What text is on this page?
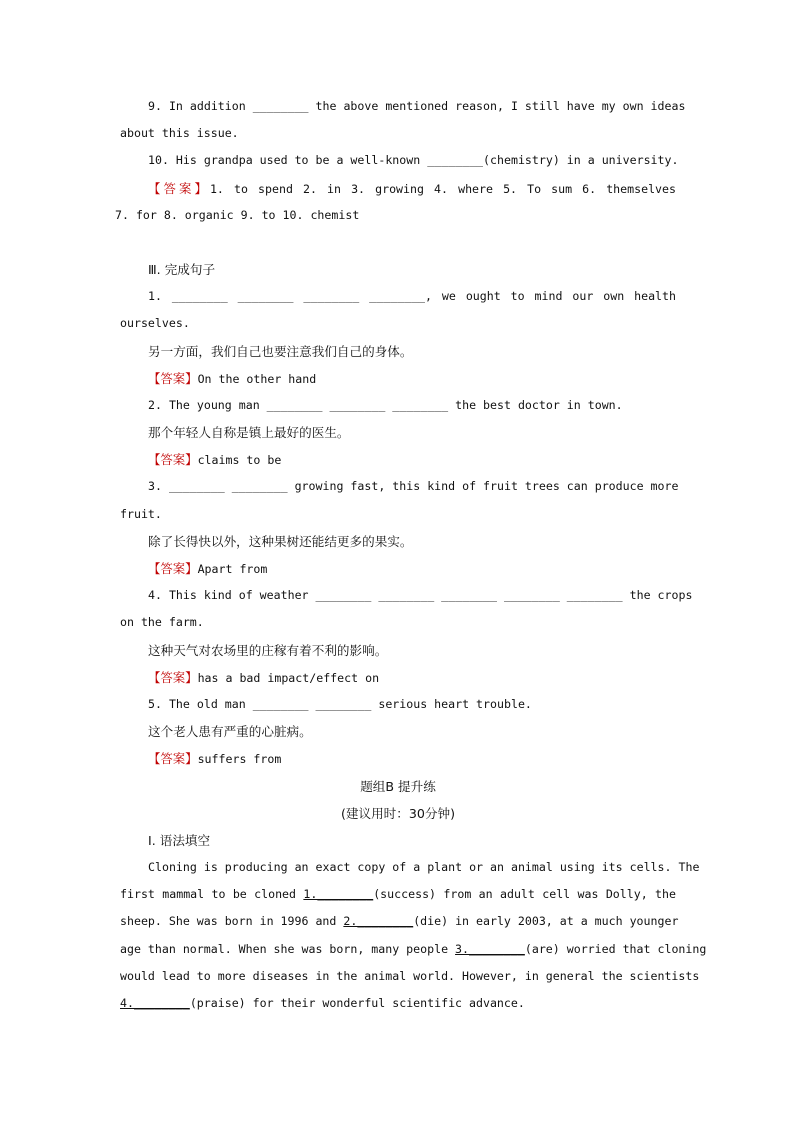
9. In addition ________ the above mentioned reason, I still have my own ideas
about this issue.
10. His grandpa used to be a well-known ________(chemistry) in a university.
【答案】1. to spend 2. in 3. growing 4. where 5. To sum 6. themselves
7. for 8. organic 9. to 10. chemist
Ⅲ. 完成句子
1. ________ ________ ________ ________, we ought to mind our own health
ourselves.
另一方面，我们自己也要注意我们自己的身体。
【答案】On the other hand
2. The young man ________ ________ ________ the best doctor in town.
那个年轻人自称是镇上最好的医生。
【答案】claims to be
3. ________ ________ growing fast, this kind of fruit trees can produce more
fruit.
除了长得快以外，这种果树还能结更多的果实。
【答案】Apart from
4. This kind of weather ________ ________ ________ ________ ________ the crops
on the farm.
这种天气对农场里的庄稼有着不利的影响。
【答案】has a bad impact/effect on
5. The old man ________ ________ serious heart trouble.
这个老人患有严重的心脏病。
【答案】suffers from
题组B 提升练
(建议用时：30分钟)
Ⅰ. 语法填空
Cloning is producing an exact copy of a plant or an animal using its cells. The
first mammal to be cloned 1.________(success) from an adult cell was Dolly, the
sheep. She was born in 1996 and 2.________(die) in early 2003, at a much younger
age than normal. When she was born, many people 3.________(are) worried that cloning
would lead to more diseases in the animal world. However, in general the scientists
4.________(praise) for their wonderful scientific advance.
